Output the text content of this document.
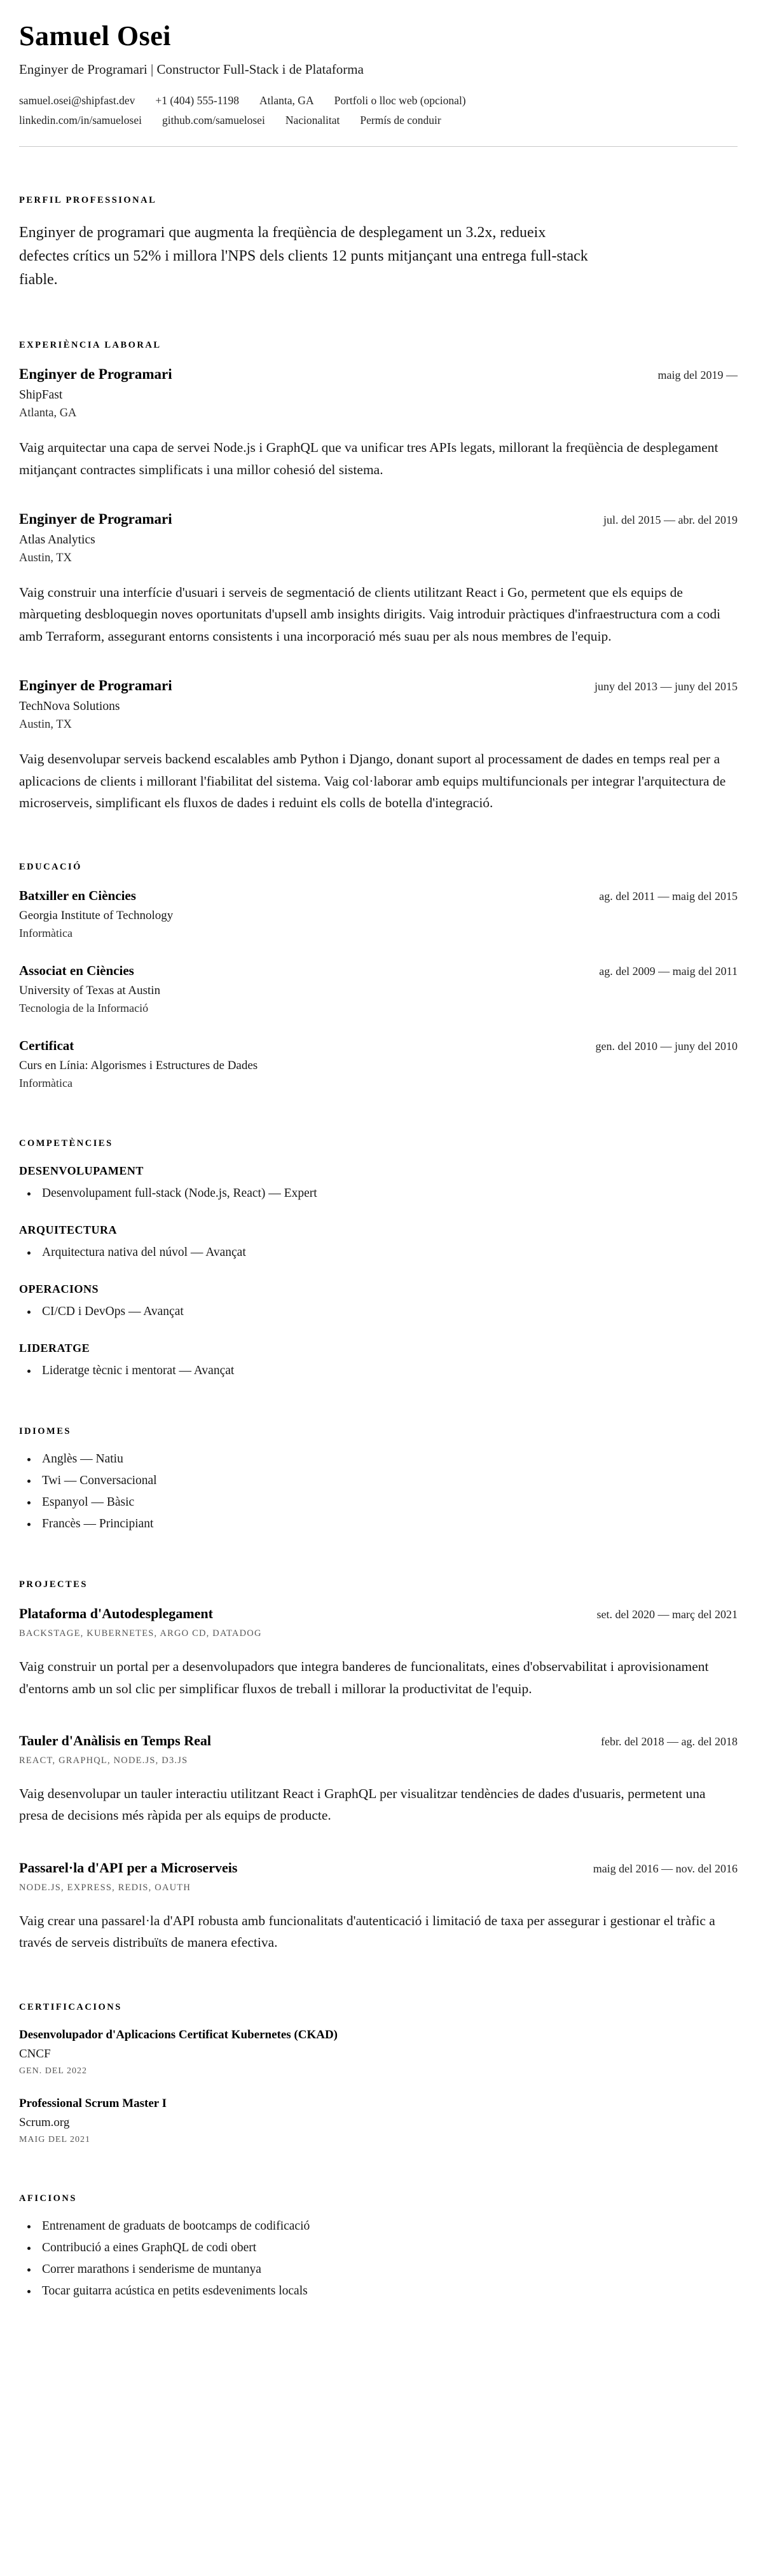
Samuel Osei
Enginyer de Programari | Constructor Full-Stack i de Plataforma
samuel.osei@shipfast.dev +1 (404) 555-1198 Atlanta, GA Portfoli o lloc web (opcional)
linkedin.com/in/samuelosei github.com/samuelosei Nacionalitat Permís de conduir
PERFIL PROFESSIONAL

Enginyer de programari que augmenta la freqüència de desplegament un 3.2x, redueix defectes crítics un 52% i millora l'NPS dels clients 12 punts mitjançant una entrega full-stack fiable.

EXPERIÈNCIA LABORAL
Enginyer de Programari	maig del 2019 —
ShipFast
Atlanta, GA

Vaig arquitectar una capa de servei Node.js i GraphQL que va unificar tres APIs legats, millorant la freqüència de desplegament mitjançant contractes simplificats i una millor cohesió del sistema.

Enginyer de Programari	jul. del 2015 — abr. del 2019
Atlas Analytics
Austin, TX

Vaig construir una interfície d'usuari i serveis de segmentació de clients utilitzant React i Go, permetent que els equips de màrqueting desbloquegin noves oportunitats d'upsell amb insights dirigits. Vaig introduir pràctiques d'infraestructura com a codi amb Terraform, assegurant entorns consistents i una incorporació més suau per als nous membres de l'equip.

Enginyer de Programari	juny del 2013 — juny del 2015
TechNova Solutions
Austin, TX

Vaig desenvolupar serveis backend escalables amb Python i Django, donant suport al processament de dades en temps real per a aplicacions de clients i millorant l'fiabilitat del sistema. Vaig col·laborar amb equips multifuncionals per integrar l'arquitectura de microserveis, simplificant els fluxos de dades i reduint els colls de botella d'integració.

EDUCACIÓ
Batxiller en Ciències	ag. del 2011 — maig del 2015
Georgia Institute of Technology
Informàtica
Associat en Ciències	ag. del 2009 — maig del 2011
University of Texas at Austin
Tecnologia de la Informació
Certificat	gen. del 2010 — juny del 2010
Curs en Línia: Algorismes i Estructures de Dades
Informàtica
COMPETÈNCIES
DESENVOLUPAMENT
• Desenvolupament full-stack (Node.js, React) — Expert
ARQUITECTURA
• Arquitectura nativa del núvol — Avançat
OPERACIONS
• CI/CD i DevOps — Avançat
LIDERATGE
• Lideratge tècnic i mentorat — Avançat
IDIOMES
• Anglès — Natiu
• Twi — Conversacional
• Espanyol — Bàsic
• Francès — Principiant
PROJECTES
Plataforma d'Autodesplegament	set. del 2020 — març del 2021
BACKSTAGE, KUBERNETES, ARGO CD, DATADOG

Vaig construir un portal per a desenvolupadors que integra banderes de funcionalitats, eines d'observabilitat i aprovisionament d'entorns amb un sol clic per simplificar fluxos de treball i millorar la productivitat de l'equip.

Tauler d'Anàlisis en Temps Real	febr. del 2018 — ag. del 2018
REACT, GRAPHQL, NODE.JS, D3.JS

Vaig desenvolupar un tauler interactiu utilitzant React i GraphQL per visualitzar tendències de dades d'usuaris, permetent una presa de decisions més ràpida per als equips de producte.

Passarel·la d'API per a Microserveis	maig del 2016 — nov. del 2016
NODE.JS, EXPRESS, REDIS, OAUTH

Vaig crear una passarel·la d'API robusta amb funcionalitats d'autenticació i limitació de taxa per assegurar i gestionar el tràfic a través de serveis distribuïts de manera efectiva.

CERTIFICACIONS
Desenvolupador d'Aplicacions Certificat Kubernetes (CKAD)
CNCF
GEN. DEL 2022
Professional Scrum Master I
Scrum.org
MAIG DEL 2021
AFICIONS
• Entrenament de graduats de bootcamps de codificació
• Contribució a eines GraphQL de codi obert
• Correr marathons i senderisme de muntanya
• Tocar guitarra acústica en petits esdeveniments locals
